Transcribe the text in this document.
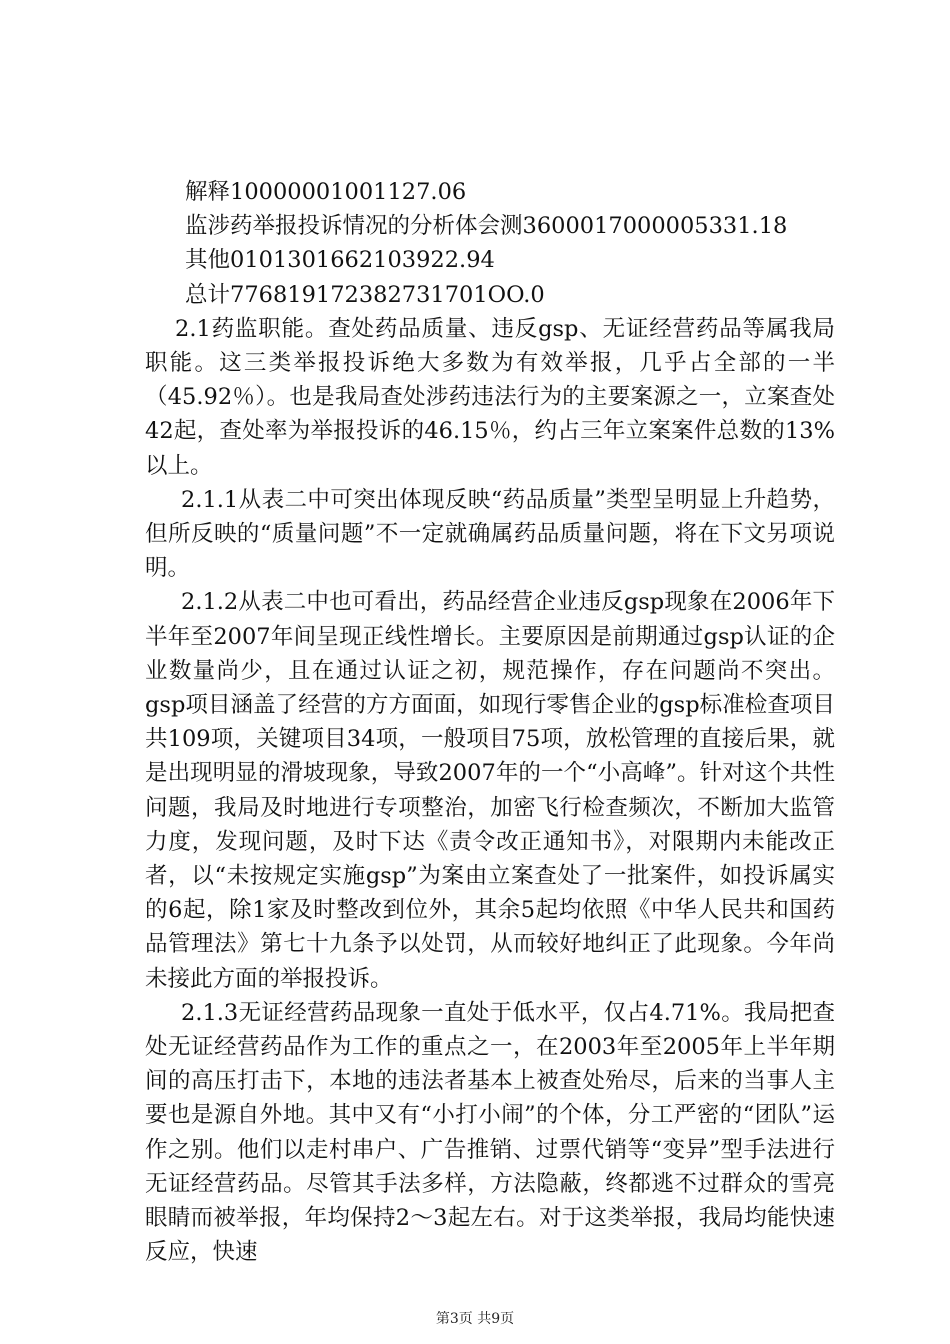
解释10000001001127.06

监涉药举报投诉情况的分析体会测3600017000005331.18

其他0101301662103922.94

总计776819172382731701OO.0

2.1药监职能。查处药品质量、违反gsp、无证经营药品等属我局职能。这三类举报投诉绝大多数为有效举报，几乎占全部的一半（45.92％）。也是我局查处涉药违法行为的主要案源之一，立案查处42起，查处率为举报投诉的46.15％，约占三年立案案件总数的13%以上。

2.1.1从表二中可突出体现反映“药品质量”类型呈明显上升趋势，但所反映的“质量问题”不一定就确属药品质量问题，将在下文另项说明。

2.1.2从表二中也可看出，药品经营企业违反gsp现象在2006年下半年至2007年间呈现正线性增长。主要原因是前期通过gsp认证的企业数量尚少，且在通过认证之初，规范操作，存在问题尚不突出。gsp项目涵盖了经营的方方面面，如现行零售企业的gsp标准检查项目共109项，关键项目34项，一般项目75项，放松管理的直接后果，就是出现明显的滑坡现象，导致2007年的一个“小高峰”。针对这个共性问题，我局及时地进行专项整治，加密飞行检查频次，不断加大监管力度，发现问题，及时下达《责令改正通知书》，对限期内未能改正者，以“未按规定实施gsp”为案由立案查处了一批案件，如投诉属实的6起，除1家及时整改到位外，其余5起均依照《中华人民共和国药品管理法》第七十九条予以处罚，从而较好地纠正了此现象。今年尚未接此方面的举报投诉。

2.1.3无证经营药品现象一直处于低水平，仅占4.71%。我局把查处无证经营药品作为工作的重点之一，在2003年至2005年上半年期间的高压打击下，本地的违法者基本上被查处殆尽，后来的当事人主要也是源自外地。其中又有“小打小闹”的个体，分工严密的“团队”运作之别。他们以走村串户、广告推销、过票代销等“变异”型手法进行无证经营药品。尽管其手法多样，方法隐蔽，终都逃不过群众的雪亮眼睛而被举报，年均保持2～3起左右。对于这类举报，我局均能快速反应，快速

第3页 共9页
